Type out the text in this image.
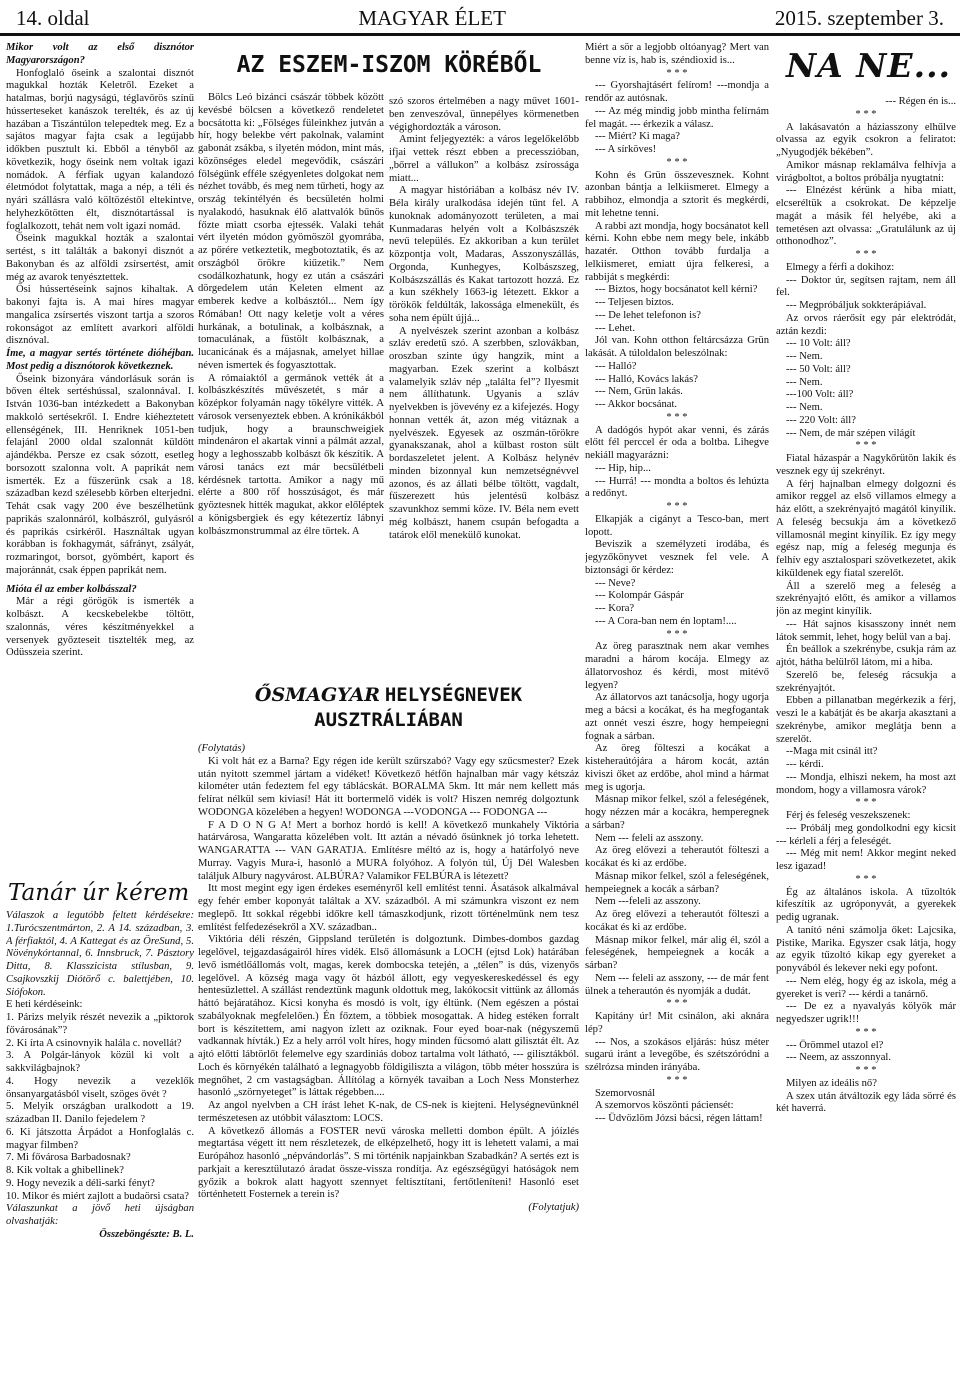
14. oldal	MAGYAR ÉLET	2015. szeptember 3.

Mikor volt az első disznótor Magyarországon?

Honfoglaló őseink a szalontai disznót magukkal hozták Keletről. Ezeket a hatalmas, borjú nagyságú, téglavörös színű hússerteseket kanászok terelték, és az új hazában a Tiszántúlon telepedtek meg. Ez a sajátos magyar fajta csak a legújabb időkben pusztult ki. Ebből a tényből az következik, hogy őseink nem voltak igazi nomádok. A férfiak ugyan kalandozó életmódot folytattak, maga a nép, a téli és nyári szállásra való költözéstől eltekintve, helyhezkötötten élt, disznótartással is foglalkozott, tehát nem volt igazi nomád.

Őseink magukkal hozták a szalontai sertést, s itt találták a bakonyi disznót a Bakonyban és az alföldi zsírsertést, amit még az avarok tenyésztettek.

Ősi hússertéseink sajnos kihaltak. A bakonyi fajta is. A mai híres magyar mangalica zsírsertés viszont tartja a szoros rokonságot az említett avarkori alföldi disznóval.

Íme, a magyar sertés története dióhéjban. Most pedig a disznótorok következnek.

Őseink bizonyára vándorlásuk során is bőven éltek sertéshússal, szalonnával. I. István 1036-ban intézkedett a Bakonyban makkoló sertésekről. I. Endre kiéheztetett ellenségének, III. Henriknek 1051-ben felajánl 2000 oldal szalonnát küldött ajándékba. Persze ez csak sózott, esetleg borsozott szalonna volt. A paprikát nem ismerték. Ez a fűszerünk csak a 18. században kezd szélesebb körben elterjedni. Tehát csak vagy 200 éve beszélhetünk paprikás szalonnáról, kolbászról, gulyásról és paprikás csirkéről. Használtak ugyan korábban is fokhagymát, sáfrányt, zsályát, rozmaringot, borsot, gyömbért, kaport és majoránnát, csak éppen paprikát nem.

Mióta él az ember kolbásszal?

Már a régi görögök is ismerték a kolbászt. A kecskebelekbe töltött, szalonnás, véres készítményekkel a versenyek győzteseit tisztelték meg, az Odüsszeia szerint.

Tanár úr kérem

Válaszok a legutóbb feltett kérdésekre: 1.Turócszentmárton, 2. A 14. században, 3. A férfiaktól, 4. A Kattegat és az ÖreSund, 5. Növénykórtannal, 6. Innsbruck, 7. Pásztory Ditta, 8. Klasszicista stílusban, 9. Csajkovszkij Diótörő c. balettjében, 10. Siófokon.

E heti kérdéseink:

1. Párizs melyik részét nevezik a „piktorok fővárosának”?

2. Ki írta A csinovnyik halála c. novellát?

3. A Polgár-lányok közül ki volt a sakkvilágbajnok?

4. Hogy nevezik a vezeklők önsanyargatásból viselt, szöges övét ?

5. Melyik országban uralkodott a 19. században II. Danilo fejedelem ?

6. Ki játszotta Árpádot a Honfoglalás c. magyar filmben?

7. Mi fővárosa Barbadosnak?

8. Kik voltak a ghibellinek?

9. Hogy nevezik a déli-sarki fényt?

10. Mikor és miért zajlott a budaörsi csata?

Válaszunkat a jövő heti újságban olvashatják:

Összeböngészte: B. L.

AZ ESZEM-ISZOM KÖRÉBŐL

Bölcs Leó bizánci császár többek között kevésbé bölcsen a következő rendeletet bocsátotta ki: „Fölséges füleinkhez jutván a hír, hogy belekbe vért pakolnak, valamint gabonát zsákba, s ilyetén módon, mint más, közönséges eledel megevődik, császári fölségünk efféle szégyenletes dolgokat nem nézhet tovább, és meg nem tűrheti, hogy az ország tekintélyén és becsületén holmi nyalakodó, hasuknak élő alattvalók bűnös főzte miatt csorba ejtessék. Valaki tehát vért ilyetén módon gyömöszöl gyomrába, az pőrére vetkeztetik, megbotoztatik, és az országból örökre kiűzetik.” Nem csodálkozhatunk, hogy ez után a császári dörgedelem után Keleten elment az emberek kedve a kolbásztól... Nem így Rómában! Ott nagy keletje volt a véres hurkának, a botulinak, a kolbásznak, a tomaculának, a füstölt kolbásznak, a lucanicának és a májasnak, amelyet hillae néven ismertek és fogyasztottak.

A rómaiaktól a germánok vették át a kolbászkészítés művészetét, s már a középkor folyamán nagy tökélyre vitték. A városok versenyeztek ebben. A krónikákból tudjuk, hogy a braunschweigiek mindenáron el akartak vinni a pálmát azzal, hogy a leghosszabb kolbászt ők készítik. A városi tanács ezt már becsülétbeli kérdésnek tartotta. Amikor a nagy mű elérte a 800 rőf hosszúságot, és már gyöztesnek hitték magukat, akkor előléptek a königsbergiek és egy kétezertíz lábnyi kolbászmonstrummal az élre törtek. A

szó szoros értelmében a nagy művet 1601-ben zenveszóval, ünnepélyes körmenetben végighordozták a városon.

Amint feljegyezték: a város legelőkelőbb ifjai vettek részt ebben a precesszióban, „bőrrel a vállukon” a kolbász zsírossága miatt...

A magyar históriában a kolbász név IV. Béla király uralkodása idején tűnt fel. A kunoknak adományozott területen, a mai Kunmadaras helyén volt a Kolbászszék nevű település. Ez akkoriban a kun terület központja volt, Madaras, Asszonyszállás, Orgonda, Kunhegyes, Kolbászszeg, Kolbászszállás és Kakat tartozott hozzá. Ez a kun székhely 1663-ig létezett. Ekkor a törökök feldúlták, lakossága elmenekült, és soha nem épült újjá...

A nyelvészek szerint azonban a kolbász szláv eredetű szó. A szerbben, szlovákban, oroszban szinte úgy hangzik, mint a magyarban. Ezek szerint a kolbászt valamelyik szláv nép „találta fel”? Ilyesmit nem állíthatunk. Ugyanis a szláv nyelvekben is jövevény ez a kifejezés. Hogy honnan vették át, azon még vitáznak a nyelvészek. Egyesek az oszmán-törökre gyanakszanak, ahol a kűlbast roston sült bordaszeletet jelent. A Kolbász helynév minden bizonnyal kun nemzetségnévvel azonos, és az állati bélbe töltött, vagdalt, fűszerezett hús jelentésű kolbász szavunkhoz semmi köze. IV. Béla nem evett még kolbászt, hanem csupán befogadta a tatárok elől menekülő kunokat.

ŐSMAGYAR HELYSÉGNEVEK AUSZTRÁLIÁBAN

(Folytatás)

Ki volt hát ez a Barna? Egy régen ide került szűrszabó? Vagy egy szűcsmester? Ezek után nyitott szemmel jártam a vidéket! Következő hétfőn hajnalban már vagy kétszáz kilométer után fedeztem fel egy táblácskát. BORALMA 5km. Itt már nem kellett más felírat nélkül sem kiviasí! Hát itt bortermelő vidék is volt? Hiszen nemrég dolgoztunk WODONGA közelében a hegyen! WODONGA ---VODONGA --- FODONGA ---

F A D O N G A! Mert a borhoz hordó is kell! A következő munkahely Viktória határvárosa, Wangaratta közelében volt. Itt aztán a névadó ősünknek jó torka lehetett. WANGARATTA --- VAN GARATJA. Említésre méltó az is, hogy a határfolyó neve Murray. Vagyis Mura-i, hasonló a MURA folyóhoz. A folyón túl, Új Dél Walesben találjuk Albury nagyvárost. ALBÚRA? Valamikor FELBÚRA is létezett?

Itt most megint egy igen érdekes eseményről kell említést tenni. Ásatások alkalmával egy fehér ember koponyát találtak a XV. századból. A mi számunkra viszont ez nem meglepő. Itt sokkal régebbi időkre kell támaszkodjunk, rizott történelmünk nem tesz említést felfedezésekről a XV. században..

Viktória déli részén, Gippsland területén is dolgoztunk. Dimbes-dombos gazdag legelővel, tejgazdaságairól híres vidék. Első állomásunk a LOCH (ejtsd Lok) határában levő ismétlőállomás volt, magas, kerek dombocska tetején, a „télen” is dús, vizenyős legelővel. A község maga vagy öt házból állott, egy vegyeskereskedéssel és egy hentesüzlettel. A szállást rendeztünk magunk oldottuk meg, lakókocsit vittünk az állomás háttó bejáratához. Kicsi konyha és mosdó is volt, így éltünk. (Nem egészen a póstai szabályoknak megfelelően.) Én főztem, a többiek mosogattak. A hideg estéken forralt bort is készítettem, ami nagyon ízlett az oziknak. Four eyed boar-nak (négyszemű vadkannak hívták.) Ez a hely arról volt híres, hogy minden fűcsomó alatt gilisztát élt. Az ajtó előtti lábtörlőt felemelve egy szardiniás doboz tartalma volt látható, --- gilisztákból. Loch és környékén található a legnagyobb földigiliszta a világon, több méter hosszúra is megnőhet, 2 cm vastagságban. Állítólag a környék tavaiban a Loch Ness Monsterhez hasonló „szörnyeteget” is láttak régebben....

Az angol nyelvben a CH írást lehet K-nak, de CS-nek is kiejteni. Helységnevünknél természetesen az utóbbit választom: LOCS.

A következő állomás a FOSTER nevű városka melletti dombon épült. A jóízlés megtartása végett itt nem részletezek, de elképzelhető, hogy itt is lehetett valami, a mai Európához hasonló „népvándorlás”. S mi történik napjainkban Szabadkán? A sertés ezt is parkjait a keresztülutazó áradat össze-vissza rondítja. Az egészségügyi hatóságok nem győzik a bokrok alatt hagyott szennyet feltisztítani, fertőtleníteni! Hasonló eset történhetett Fosternek a terein is?

(Folytatjuk)

Miért a sör a legjobb oltóanyag? Mert van benne víz is, hab is, széndioxid is...

* * *

--- Gyorshajtásért felírom! ---mondja a rendőr az autósnak.

--- Az még mindig jobb mintha felírnám fel magát. --- érkezik a válasz.

--- Miért? Ki maga?

--- A sírköves!

* * *

Kohn és Grün összevesznek. Kohnt azonban bántja a lelkiismeret. Elmegy a rabbihoz, elmondja a sztorit és megkérdi, mit lehetne tenni.

A rabbi azt mondja, hogy bocsánatot kell kérni. Kohn ebbe nem megy bele, inkább hazatér. Otthon tovább furdalja a lelkiismeret, emiatt újra felkeresi, a rabbiját s megkérdi:

--- Biztos, hogy bocsánatot kell kérni?

--- Teljesen biztos.

--- De lehet telefonon is?

--- Lehet.

Jól van. Kohn otthon feltárcsázza Grün lakását. A túloldalon beleszólnak:

--- Halló?

--- Halló, Kovács lakás?

--- Nem, Grün lakás.

--- Akkor bocsánat.

* * *

A dadógós hypót akar venni, és zárás előtt fél perccel ér oda a boltba. Lihegve nekiáll magyarázni:

--- Hip, hip...

--- Hurrá! --- mondta a boltos és lehúzta a redőnyt.

* * *

Elkapják a cigányt a Tesco-ban, mert lopott.

Beviszik a személyzeti irodába, és jegyzőkönyvet vesznek fel vele. A biztonsági őr kérdez:

--- Neve?

--- Kolompár Gáspár

--- Kora?

--- A Cora-ban nem én loptam!....

* * *

Az öreg parasztnak nem akar vemhes maradni a három kocája. Elmegy az állatorvoshoz és kérdi, most mitévő legyen?

Az állatorvos azt tanácsolja, hogy ugorja meg a bácsi a kocákat, és ha megfogantak azt onnét veszi észre, hogy hempeiegni fognak a sárban.

Az öreg fölteszi a kocákat a kisteheraútójára a három kocát, aztán kiviszi őket az erdőbe, ahol mind a hármat meg is ugorja.

Másnap mikor felkel, szól a feleségének, hogy nézzen már a kocákra, hemperegnek a sárban?

Nem --- feleli az asszony.

Az öreg elővezi a teherautót fölteszi a kocákat és ki az erdőbe.

Másnap mikor felkel, szól a feleségének, hempeiegnek a kocák a sárban?

Nem ---feleli az asszony.

Az öreg elővezi a teherautót fölteszi a kocákat és ki az erdőbe.

Másnap mikor felkel, már alig él, szól a feleségének, hempeiegnek a kocák a sárban?

Nem --- feleli az asszony, --- de már fent ülnek a teherautón és nyomják a dudát.

* * *

Kapitány úr! Mit csinálon, aki aknára lép?

--- Nos, a szokásos eljárás: húsz méter sugarú iránt a levegőbe, és szétszóródni a szélrózsa minden irányába.

* * *

Szemorvosnál

A szemorvos köszönti páciensét:

--- Üdvözlöm Józsi bácsi, régen láttam!

NA NE...

--- Régen én is...

* * *

A lakásavatón a háziasszony elhűlve olvassa az egyik csokron a feliratot: „Nyugodjék békében”.

Amikor másnap reklamálva felhívja a virágboltot, a boltos próbálja nyugtatni:

--- Elnézést kérünk a hiba miatt, elcseréltük a csokrokat. De képzelje magát a másik fél helyébe, aki a temetésen azt olvassa: „Gratulálunk az új otthonodhoz”.

* * *

Elmegy a férfi a dokihoz:

--- Doktor úr, segítsen rajtam, nem áll fel.

--- Megpróbáljuk sokkterápiával.

Az orvos ráerősít egy pár elektródát, aztán kezdi:

--- 10 Volt: áll?

--- Nem.

--- 50 Volt: áll?

--- Nem.

---100 Volt: áll?

--- Nem.

--- 220 Volt: áll?

--- Nem, de már szépen világít

* * *

Fiatal házaspár a Nagykőrütön lakik és vesznek egy új szekrényt.

A férj hajnalban elmegy dolgozni és amikor reggel az első villamos elmegy a ház előtt, a szekrényajtó magától kinyílik. A feleség becsukja ám a következő villamosnál megint kinyílik. Ez így megy egész nap, míg a feleség megunja és felhív egy asztalospari szövetkezetet, akik kiküldenek egy fiatal szerelőt.

Áll a szerelő meg a feleség a szekrényajtó előtt, és amikor a villamos jön az megint kinyílik.

--- Hát sajnos kisasszony innét nem látok semmit, lehet, hogy belül van a baj.

Én beállok a szekrénybe, csukja rám az ajtót, hátha belülről látom, mi a hiba.

Szerelő be, feleség rácsukja a szekrényajtót.

Ebben a pillanatban megérkezik a férj, veszi le a kabátját és be akarja akasztani a szekrénybe, amikor meglátja benn a szerelőt.

--Maga mit csinál itt?

--- kérdi.

--- Mondja, elhiszi nekem, ha most azt mondom, hogy a villamosra várok?

* * *

Férj és feleség veszekszenek:

--- Próbálj meg gondolkodni egy kicsit --- kérleli a férj a feleségét.

--- Még mit nem! Akkor megint neked lesz igazad!

* * *

Ég az általános iskola. A tűzoltók kifeszítik az ugróponyvát, a gyerekek pedig ugranak.

A tanító néni számolja őket: Lajcsika, Pistike, Marika. Egyszer csak látja, hogy az egyik tűzoltó kikap egy gyereket a ponyvából és lekever neki egy pofont.

--- Nem elég, hogy ég az iskola, még a gyereket is veri? --- kérdi a tanárnő.

--- De ez a nyavalyás kölyök már negyedszer ugrik!!!

* * *

--- Örömmel utazol el?

--- Neem, az asszonnyal.

* * *

Milyen az ideális nő?

A szex után átváltozik egy láda sörré és két haverrá.
